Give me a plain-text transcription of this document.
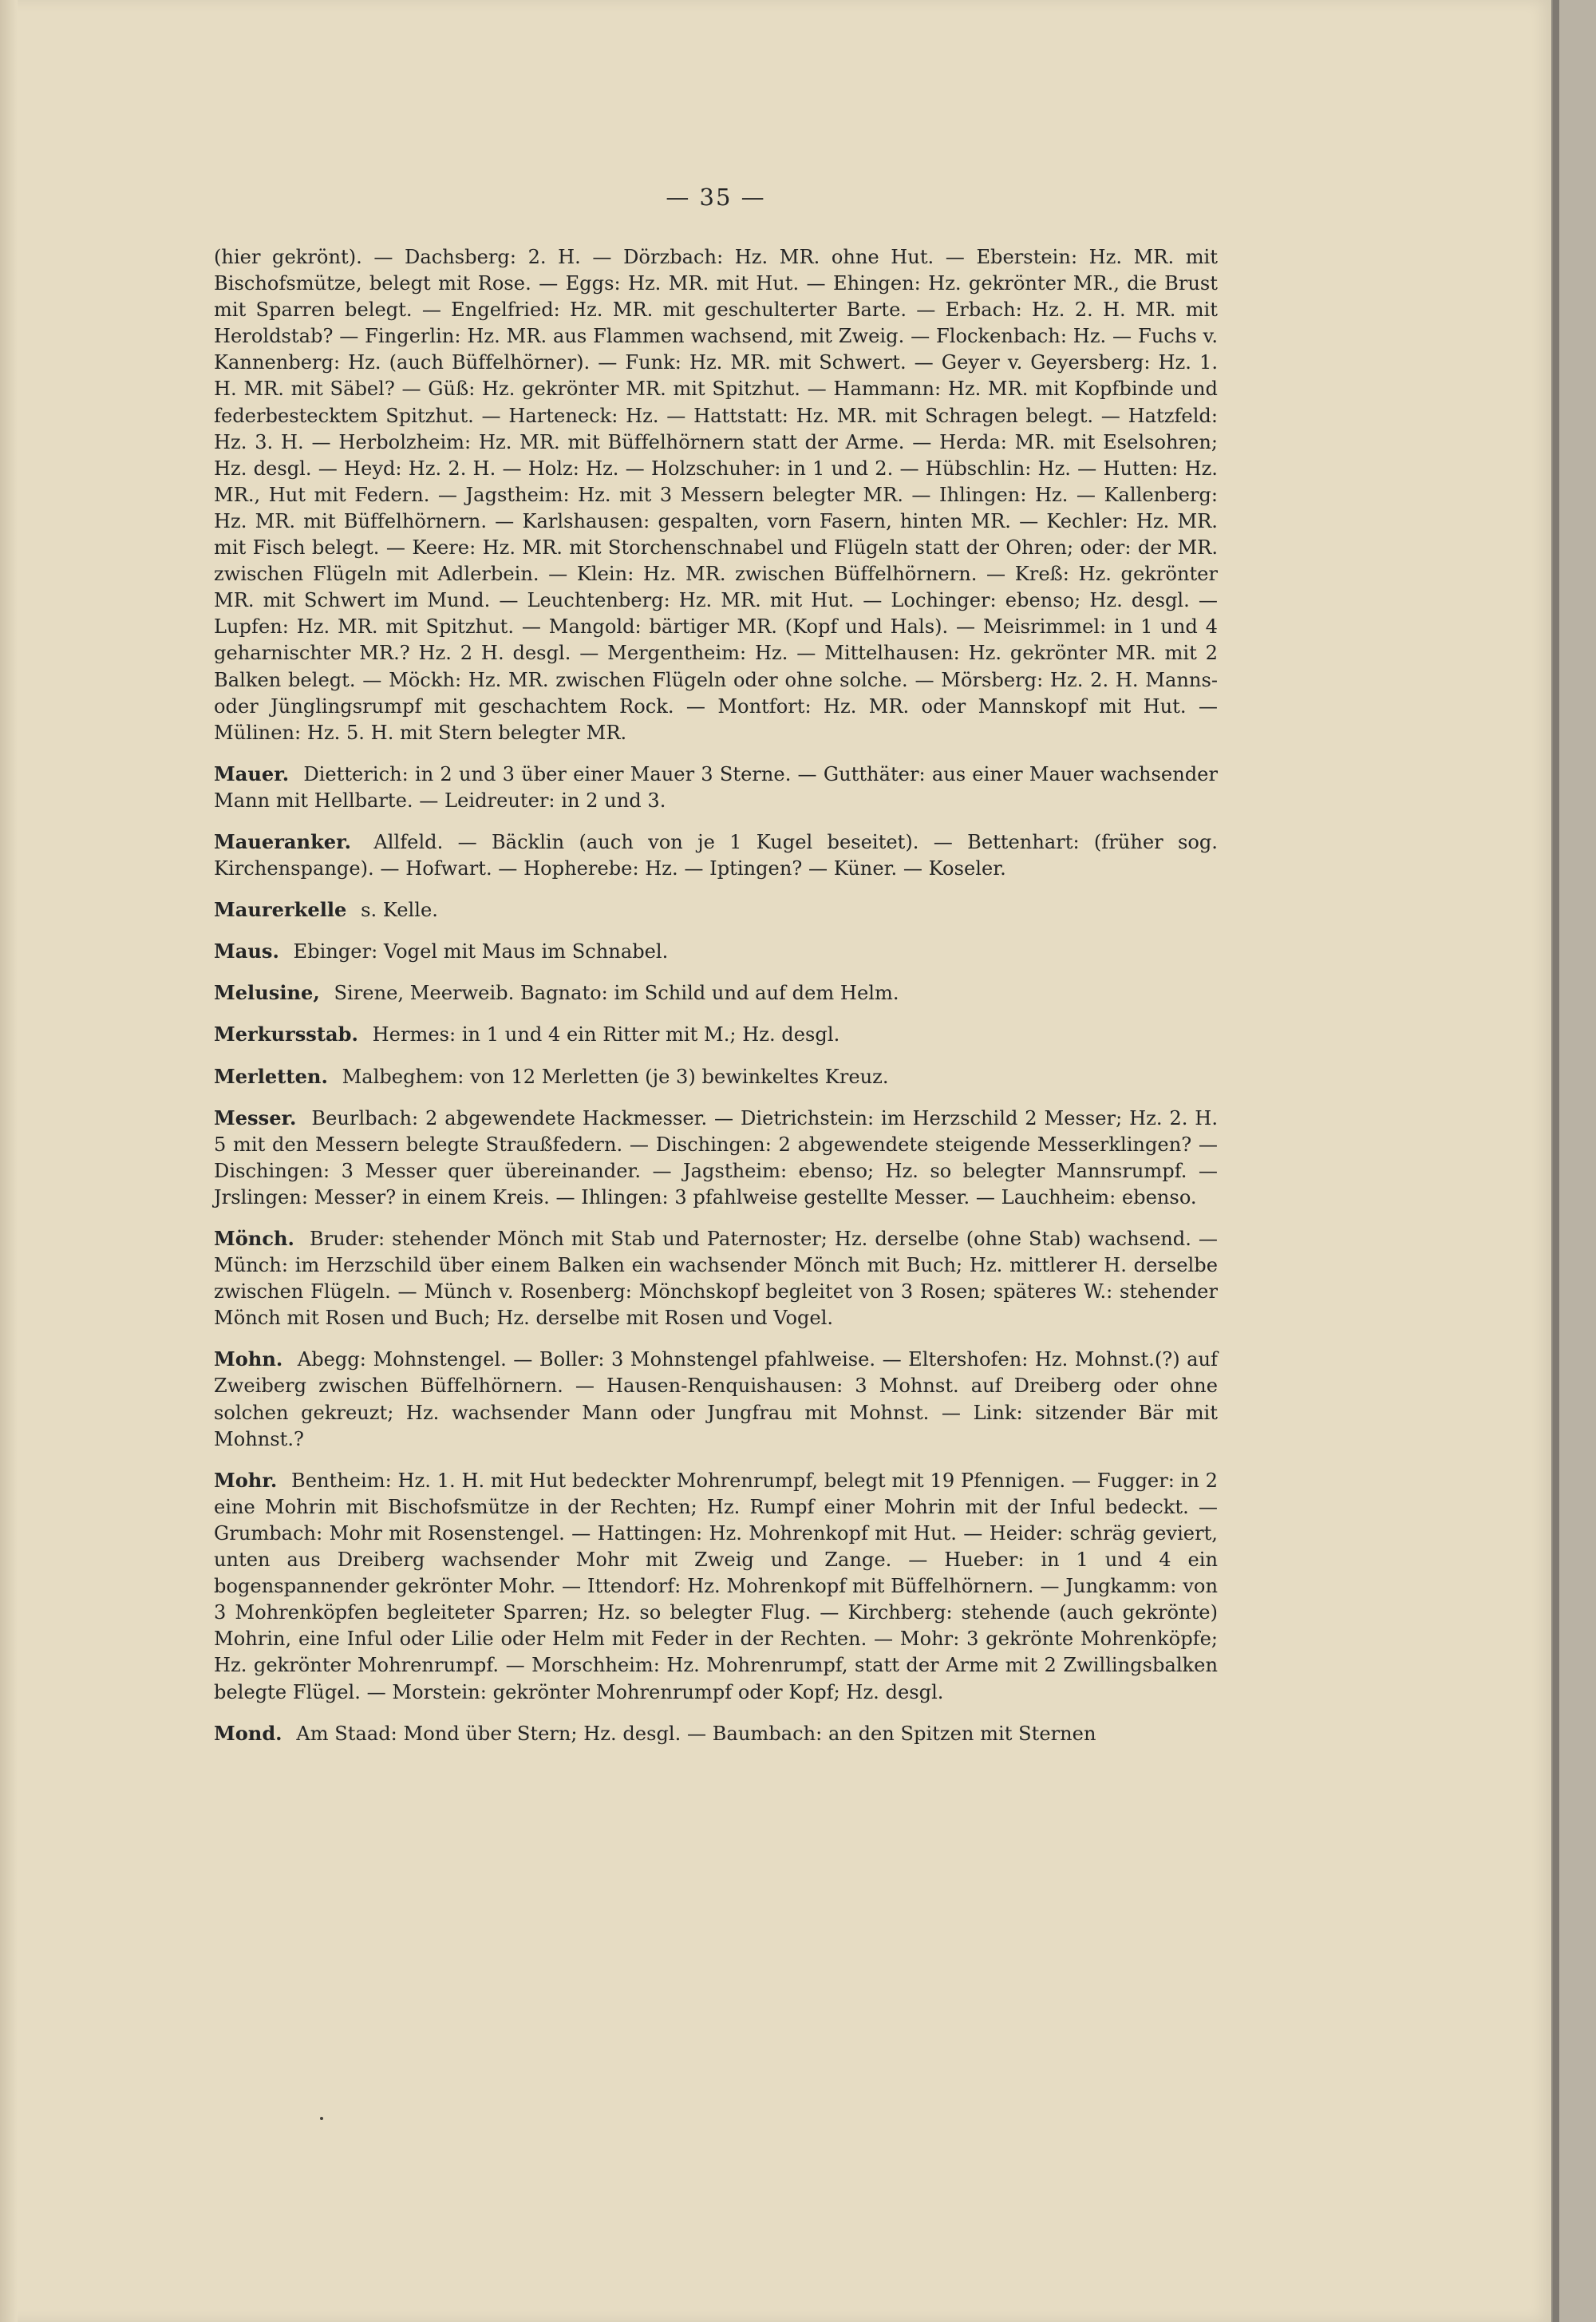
— 35 —

(hier gekrönt). — Dachsberg: 2. H. — Dörzbach: Hz. MR. ohne Hut. — Eberstein: Hz. MR. mit Bischofsmütze, belegt mit Rose. — Eggs: Hz. MR. mit Hut. — Ehingen: Hz. gekrönter MR., die Brust mit Sparren belegt. — Engelfried: Hz. MR. mit geschulterter Barte. — Erbach: Hz. 2. H. MR. mit Heroldstab? — Fingerlin: Hz. MR. aus Flammen wachsend, mit Zweig. — Flockenbach: Hz. — Fuchs v. Kannenberg: Hz. (auch Büffelhörner). — Funk: Hz. MR. mit Schwert. — Geyer v. Geyersberg: Hz. 1. H. MR. mit Säbel? — Güß: Hz. gekrönter MR. mit Spitzhut. — Hammann: Hz. MR. mit Kopfbinde und federbestecktem Spitzhut. — Harteneck: Hz. — Hattstatt: Hz. MR. mit Schragen belegt. — Hatzfeld: Hz. 3. H. — Herbolzheim: Hz. MR. mit Büffelhörnern statt der Arme. — Herda: MR. mit Eselsohren; Hz. desgl. — Heyd: Hz. 2. H. — Holz: Hz. — Holzschuher: in 1 und 2. — Hübschlin: Hz. — Hutten: Hz. MR., Hut mit Federn. — Jagstheim: Hz. mit 3 Messern belegter MR. — Ihlingen: Hz. — Kallenberg: Hz. MR. mit Büffelhörnern. — Karlshausen: gespalten, vorn Fasern, hinten MR. — Kechler: Hz. MR. mit Fisch belegt. — Keere: Hz. MR. mit Storchenschnabel und Flügeln statt der Ohren; oder: der MR. zwischen Flügeln mit Adlerbein. — Klein: Hz. MR. zwischen Büffelhörnern. — Kreß: Hz. gekrönter MR. mit Schwert im Mund. — Leuchtenberg: Hz. MR. mit Hut. — Lochinger: ebenso; Hz. desgl. — Lupfen: Hz. MR. mit Spitzhut. — Mangold: bärtiger MR. (Kopf und Hals). — Meisrimmel: in 1 und 4 geharnischter MR.? Hz. 2 H. desgl. — Mergentheim: Hz. — Mittelhausen: Hz. gekrönter MR. mit 2 Balken belegt. — Möckh: Hz. MR. zwischen Flügeln oder ohne solche. — Mörsberg: Hz. 2. H. Manns- oder Jünglingsrumpf mit geschachtem Rock. — Montfort: Hz. MR. oder Mannskopf mit Hut. — Mülinen: Hz. 5. H. mit Stern belegter MR.

Mauer. Dietterich: in 2 und 3 über einer Mauer 3 Sterne. — Gutthäter: aus einer Mauer wachsender Mann mit Hellbarte. — Leidreuter: in 2 und 3.

Maueranker. Allfeld. — Bäcklin (auch von je 1 Kugel beseitet). — Bettenhart: (früher sog. Kirchenspange). — Hofwart. — Hopherebe: Hz. — Iptingen? — Küner. — Koseler.

Maurerkelle s. Kelle.

Maus. Ebinger: Vogel mit Maus im Schnabel.

Melusine, Sirene, Meerweib. Bagnato: im Schild und auf dem Helm.

Merkursstab. Hermes: in 1 und 4 ein Ritter mit M.; Hz. desgl.

Merletten. Malbeghem: von 12 Merletten (je 3) bewinkeltes Kreuz.

Messer. Beurlbach: 2 abgewendete Hackmesser. — Dietrichstein: im Herzschild 2 Messer; Hz. 2. H. 5 mit den Messern belegte Straußfedern. — Dischingen: 2 abgewendete steigende Messerklingen? — Dischingen: 3 Messer quer übereinander. — Jagstheim: ebenso; Hz. so belegter Mannsrumpf. — Jrslingen: Messer? in einem Kreis. — Ihlingen: 3 pfahlweise gestellte Messer. — Lauchheim: ebenso.

Mönch. Bruder: stehender Mönch mit Stab und Paternoster; Hz. derselbe (ohne Stab) wachsend. — Münch: im Herzschild über einem Balken ein wachsender Mönch mit Buch; Hz. mittlerer H. derselbe zwischen Flügeln. — Münch v. Rosenberg: Mönchskopf begleitet von 3 Rosen; späteres W.: stehender Mönch mit Rosen und Buch; Hz. derselbe mit Rosen und Vogel.

Mohn. Abegg: Mohnstengel. — Boller: 3 Mohnstengel pfahlweise. — Eltershofen: Hz. Mohnst.(?) auf Zweiberg zwischen Büffelhörnern. — Hausen-Renquishausen: 3 Mohnst. auf Dreiberg oder ohne solchen gekreuzt; Hz. wachsender Mann oder Jungfrau mit Mohnst. — Link: sitzender Bär mit Mohnst.?

Mohr. Bentheim: Hz. 1. H. mit Hut bedeckter Mohrenrumpf, belegt mit 19 Pfennigen. — Fugger: in 2 eine Mohrin mit Bischofsmütze in der Rechten; Hz. Rumpf einer Mohrin mit der Inful bedeckt. — Grumbach: Mohr mit Rosenstengel. — Hattingen: Hz. Mohrenkopf mit Hut. — Heider: schräg geviert, unten aus Dreiberg wachsender Mohr mit Zweig und Zange. — Hueber: in 1 und 4 ein bogenspannender gekrönter Mohr. — Ittendorf: Hz. Mohrenkopf mit Büffelhörnern. — Jungkamm: von 3 Mohrenköpfen begleiteter Sparren; Hz. so belegter Flug. — Kirchberg: stehende (auch gekrönte) Mohrin, eine Inful oder Lilie oder Helm mit Feder in der Rechten. — Mohr: 3 gekrönte Mohrenköpfe; Hz. gekrönter Mohrenrumpf. — Morschheim: Hz. Mohrenrumpf, statt der Arme mit 2 Zwillingsbalken belegte Flügel. — Morstein: gekrönter Mohrenrumpf oder Kopf; Hz. desgl.

Mond. Am Staad: Mond über Stern; Hz. desgl. — Baumbach: an den Spitzen mit Sternen
